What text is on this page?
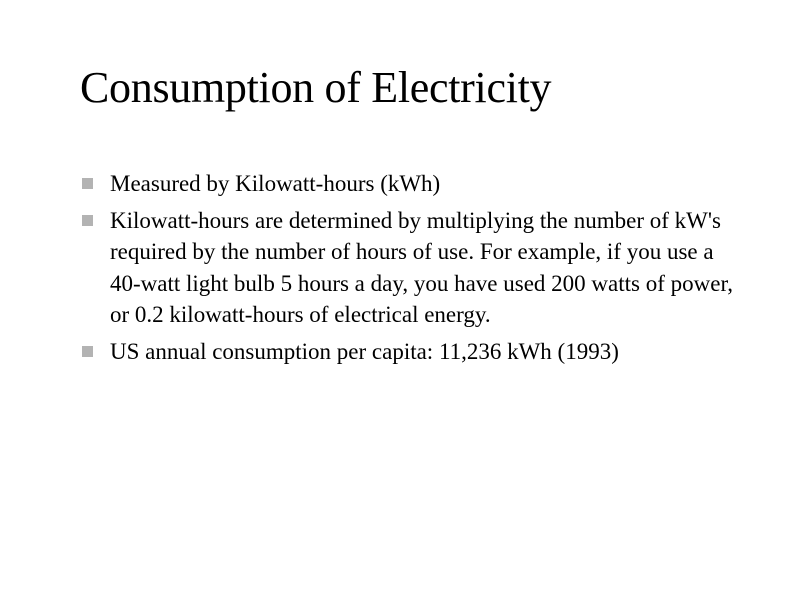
Consumption of Electricity
Measured by Kilowatt-hours (kWh)
Kilowatt-hours are determined by multiplying the number of kW's required by the number of hours of use. For example, if you use a 40-watt light bulb 5 hours a day, you have used 200 watts of power, or 0.2 kilowatt-hours of electrical energy.
US annual consumption per capita: 11,236 kWh (1993)
